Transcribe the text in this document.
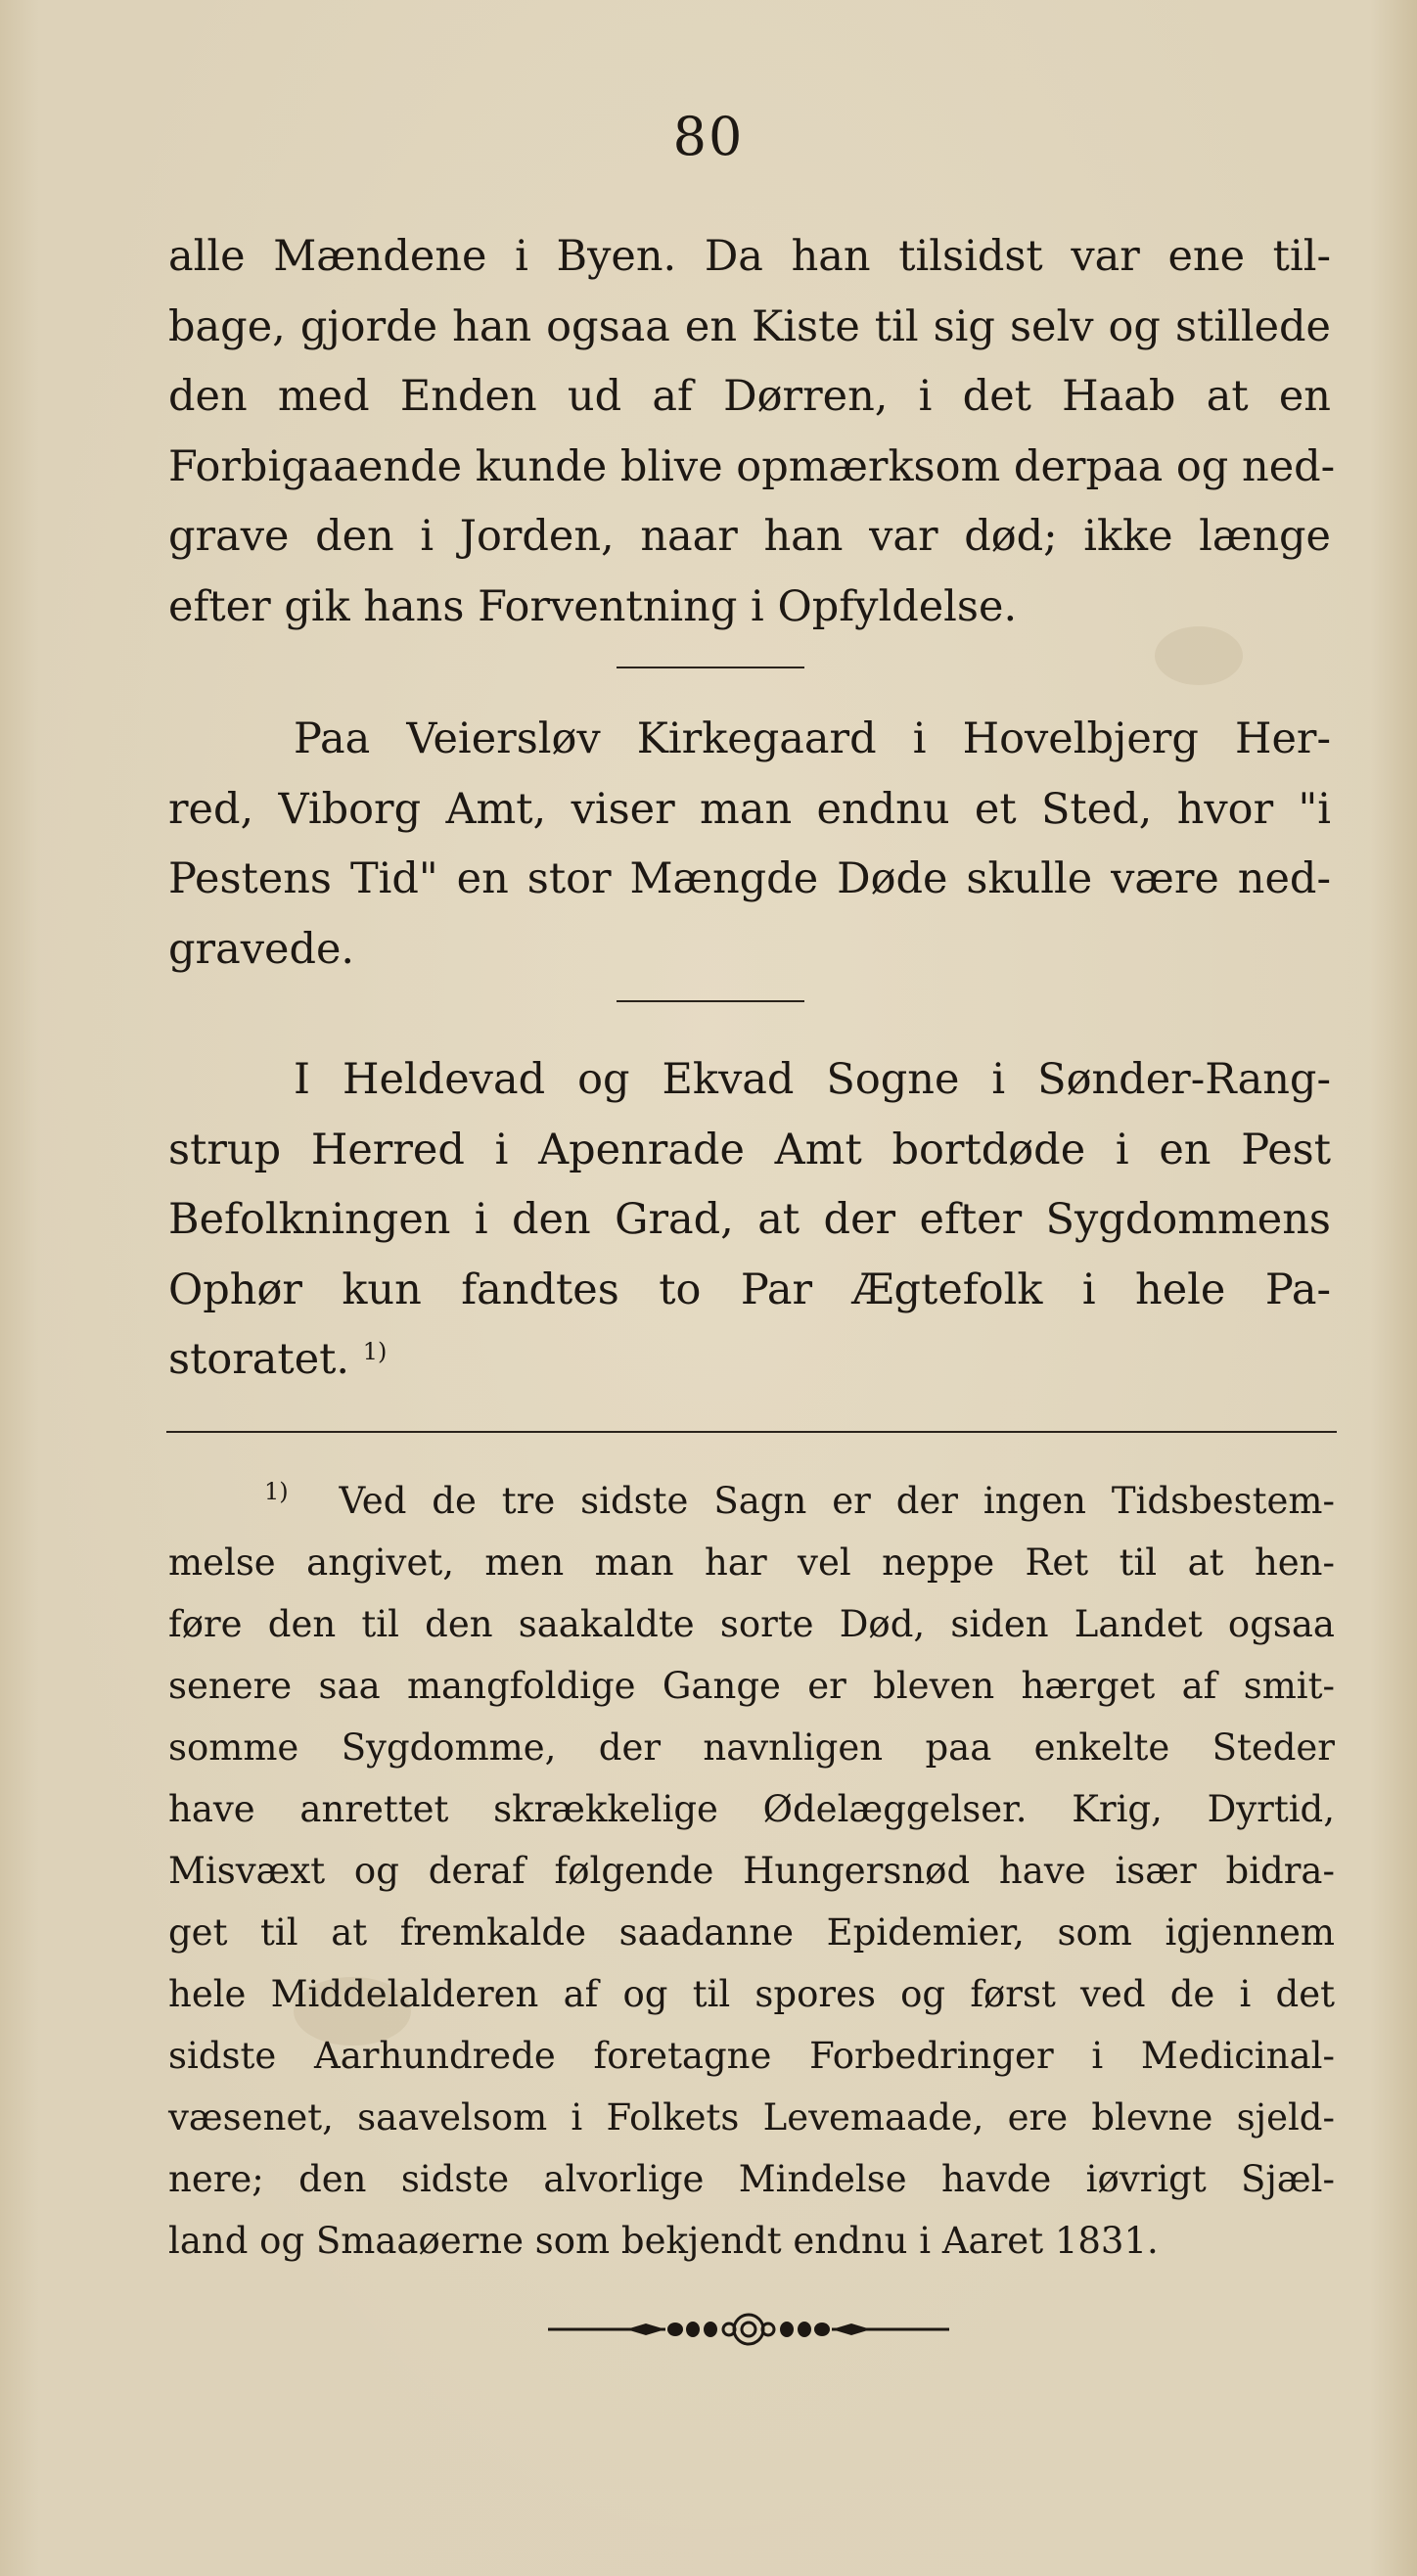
80

alle Mændene i Byen. Da han tilsidst var ene til‑
bage, gjorde han ogsaa en Kiste til sig selv og stillede
den med Enden ud af Dørren, i det Haab at en
Forbigaaende kunde blive opmærksom derpaa og ned‑
grave den i Jorden, naar han var død; ikke længe
efter gik hans Forventning i Opfyldelse.

Paa Veiersløv Kirkegaard i Hovelbjerg Her‑
red, Viborg Amt, viser man endnu et Sted, hvor "i
Pestens Tid" en stor Mængde Døde skulle være ned‑
gravede.

I Heldevad og Ekvad Sogne i Sønder-Rang‑
strup Herred i Apenrade Amt bortdøde i en Pest
Befolkningen i den Grad, at der efter Sygdommens
Ophør kun fandtes to Par Ægtefolk i hele Pa‑
storatet. $^{1)}$

$^{1)}$ Ved de tre sidste Sagn er der ingen Tidsbestem‑
melse angivet, men man har vel neppe Ret til at hen‑
føre den til den saakaldte sorte Død, siden Landet ogsaa
senere saa mangfoldige Gange er bleven hærget af smit‑
somme Sygdomme, der navnligen paa enkelte Steder
have anrettet skrækkelige Ødelæggelser. Krig, Dyrtid,
Misvæxt og deraf følgende Hungersnød have især bidra‑
get til at fremkalde saadanne Epidemier, som igjennem
hele Middelalderen af og til spores og først ved de i det
sidste Aarhundrede foretagne Forbedringer i Medicinal‑
væsenet, saavelsom i Folkets Levemaade, ere blevne sjeld‑
nere; den sidste alvorlige Mindelse havde iøvrigt Sjæl‑
land og Smaaøerne som bekjendt endnu i Aaret 1831.
